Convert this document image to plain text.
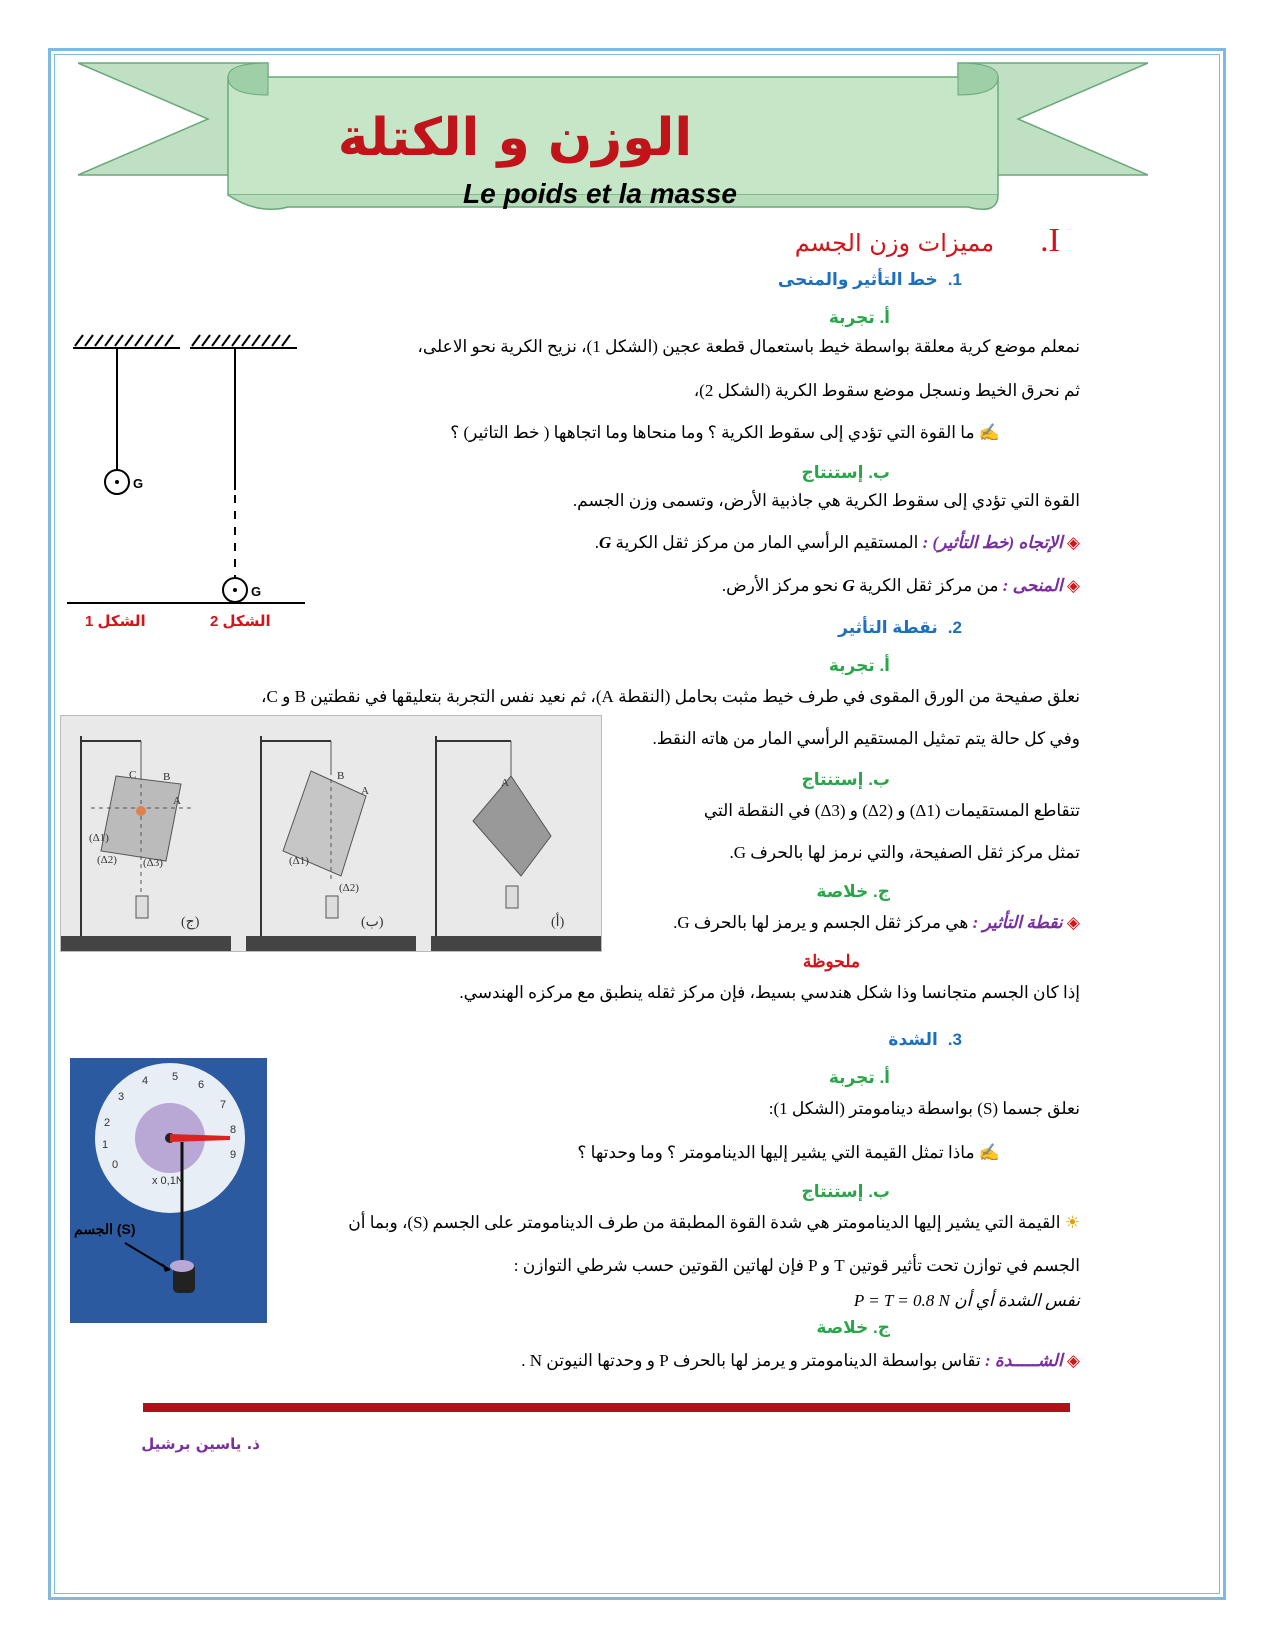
الوزن و الكتلة
Le poids et la masse
I. مميزات وزن الجسم
1.خط التأثير والمنحى
أ. تجربة
نمعلم موضع كرية معلقة بواسطة خيط باستعمال قطعة عجين (الشكل 1)، نزيح الكرية نحو الاعلى،
ثم نحرق الخيط ونسجل موضع سقوط الكرية (الشكل 2)،
✍ ما القوة التي تؤدي إلى سقوط الكرية ؟ وما منحاها وما اتجاهها ( خط التاثير) ؟
ب. إستنتاج
القوة التي تؤدي إلى سقوط الكرية هي جاذبية الأرض، وتسمى وزن الجسم.
◈ الإتجاه (خط التأثير) : المستقيم الرأسي المار من مركز ثقل الكرية G.
◈ المنحى : من مركز ثقل الكرية G نحو مركز الأرض.
G
G
الشكل 1	الشكل 2	2.نقطة التأثير
أ. تجربة
نعلق صفيحة من الورق المقوى في طرف خيط مثبت بحامل (النقطة A)، ثم نعيد نفس التجربة بتعليقها في نقطتين B و C،
وفي كل حالة يتم تمثيل المستقيم الرأسي المار من هاته النقط.
ب. إستنتاج
تتقاطع المستقيمات (Δ1) و (Δ2) و (Δ3) في النقطة التي
تمثل مركز ثقل الصفيحة، والتي نرمز لها بالحرف G.
ج. خلاصة
◈ نقطة التأثير : هي مركز ثقل الجسم و يرمز لها بالحرف G.
ملحوظة
إذا كان الجسم متجانسا وذا شكل هندسي بسيط، فإن مركز ثقله ينطبق مع مركزه الهندسي.
(Δ1)
(Δ2) (Δ3)
A
B
C
(Δ1)
(Δ2)
A
B
A
(ج)	(ب)	(أ)
3.الشدة
أ. تجربة
نعلق جسما (S) بواسطة دينامومتر (الشكل 1):
✍ ماذا تمثل القيمة التي يشير إليها الدينامومتر ؟ وما وحدتها ؟
ب. إستنتاج
☀ القيمة التي يشير إليها الدينامومتر هي شدة القوة المطبقة من طرف الدينامومتر على الجسم (S)، وبما أن
الجسم في توازن تحت تأثير قوتين T و P فإن لهاتين القوتين حسب شرطي التوازن :
نفس الشدة أي أن P = T = 0.8 N
ج. خلاصة
◈ الشـــــدة : تقاس بواسطة الدينامومتر و يرمز لها بالحرف P و وحدتها النيوتن N .
0
1
2
3
4 5
6
7
8
9
x 0,1N
الجسم (S)
ذ. ياسين برشيل
